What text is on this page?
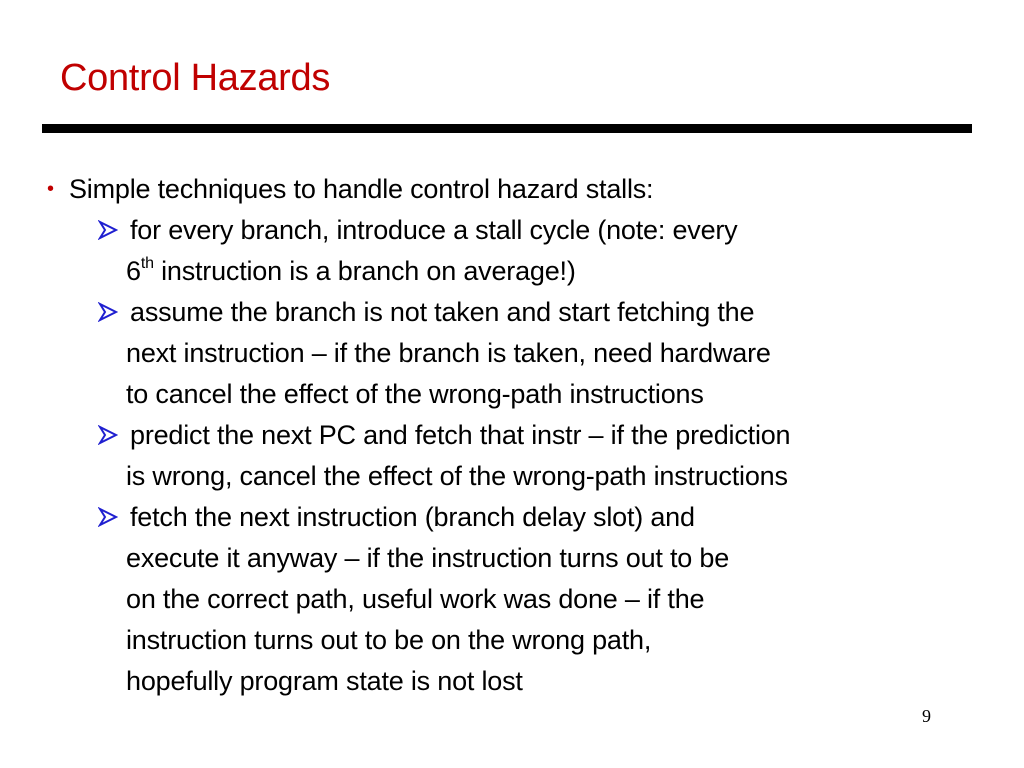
Control Hazards
• Simple techniques to handle control hazard stalls:
for every branch, introduce a stall cycle (note: every
6th instruction is a branch on average!)
assume the branch is not taken and start fetching the
next instruction – if the branch is taken, need hardware
to cancel the effect of the wrong-path instructions
predict the next PC and fetch that instr – if the prediction
is wrong, cancel the effect of the wrong-path instructions
fetch the next instruction (branch delay slot) and
execute it anyway – if the instruction turns out to be
on the correct path, useful work was done – if the
instruction turns out to be on the wrong path,
hopefully program state is not lost
9
